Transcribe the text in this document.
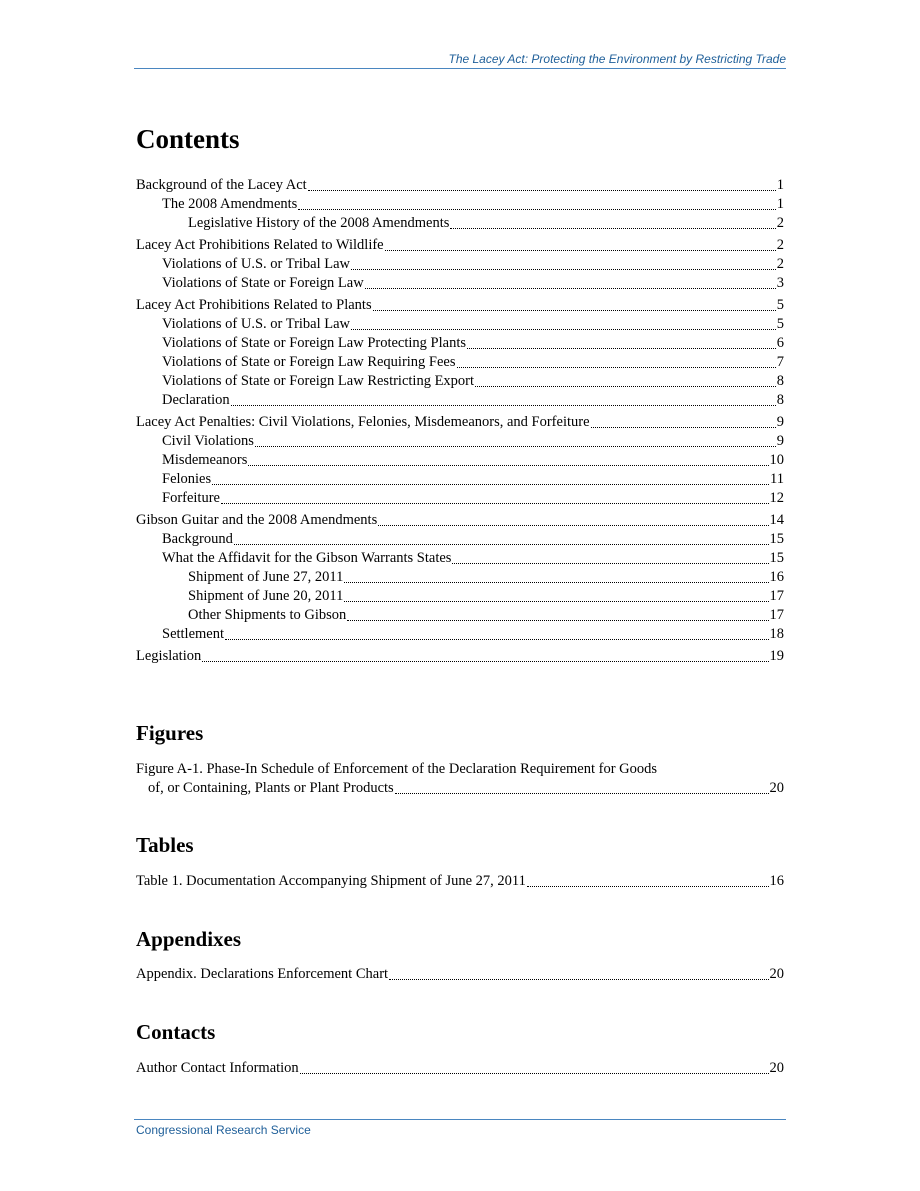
The Lacey Act: Protecting the Environment by Restricting Trade
Contents
Background of the Lacey Act	1
The 2008 Amendments	1
Legislative History of the 2008 Amendments	2
Lacey Act Prohibitions Related to Wildlife	2
Violations of U.S. or Tribal Law	2
Violations of State or Foreign Law	3
Lacey Act Prohibitions Related to Plants	5
Violations of U.S. or Tribal Law	5
Violations of State or Foreign Law Protecting Plants	6
Violations of State or Foreign Law Requiring Fees	7
Violations of State or Foreign Law Restricting Export	8
Declaration	8
Lacey Act Penalties: Civil Violations, Felonies, Misdemeanors, and Forfeiture	9
Civil Violations	9
Misdemeanors	10
Felonies	11
Forfeiture	12
Gibson Guitar and the 2008 Amendments	14
Background	15
What the Affidavit for the Gibson Warrants States	15
Shipment of June 27, 2011	16
Shipment of June 20, 2011	17
Other Shipments to Gibson	17
Settlement	18
Legislation	19
Figures
Figure A-1. Phase-In Schedule of Enforcement of the Declaration Requirement for Goods
of, or Containing, Plants or Plant Products	20
Tables
Table 1. Documentation Accompanying Shipment of June 27, 2011	16
Appendixes
Appendix. Declarations Enforcement Chart	20
Contacts
Author Contact Information	20
Congressional Research Service
